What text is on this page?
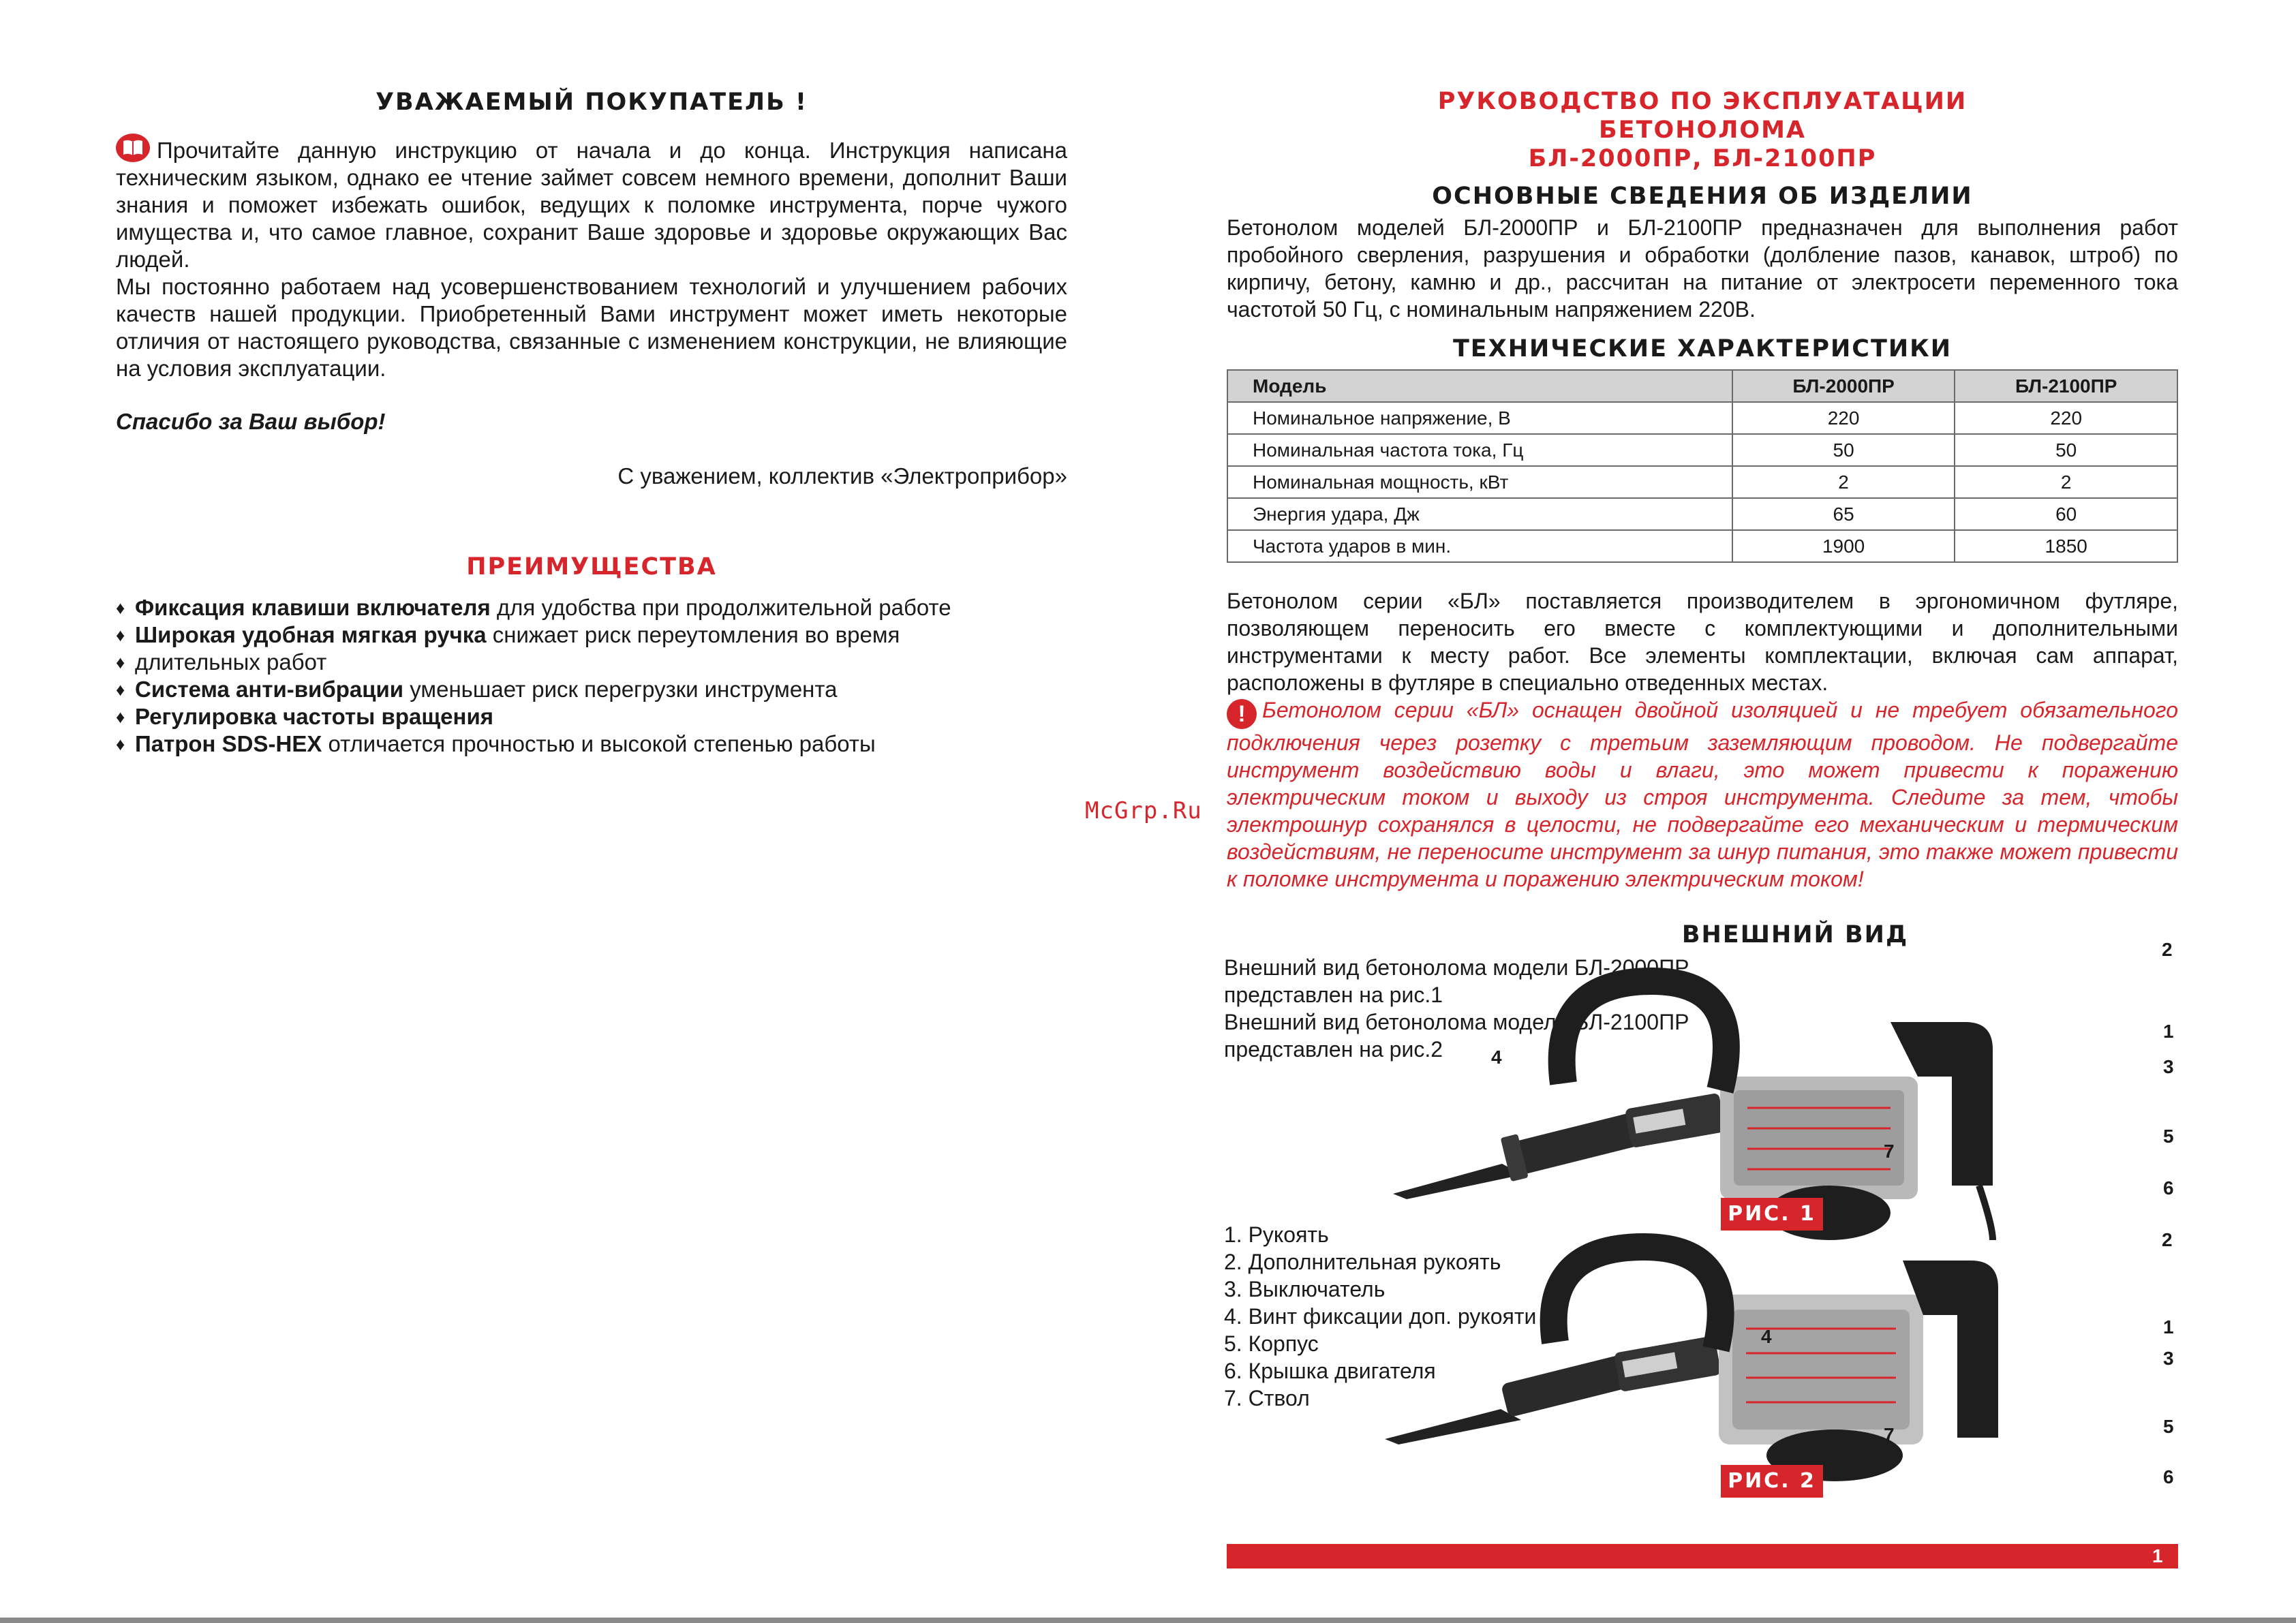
УВАЖАЕМЫЙ ПОКУПАТЕЛЬ !

Прочитайте данную инструкцию от начала и до конца. Инструкция написана техническим языком, однако ее чтение займет совсем немного времени, дополнит Ваши знания и поможет избежать ошибок, ведущих к поломке инструмента, порче чужого имущества и, что самое главное, сохранит Ваше здоровье и здоровье окружающих Вас людей.

Мы постоянно работаем над усовершенствованием технологий и улучшением рабочих качеств нашей продукции. Приобретенный Вами инструмент может иметь некоторые отличия от настоящего руководства, связанные с изменением конструкции, не влияющие на условия эксплуатации.

Спасибо за Ваш выбор!
С уважением, коллектив «Электроприбор»
ПРЕИМУЩЕСТВА
♦ Фиксация клавиши включателя для удобства при продолжительной работе
♦ Широкая удобная мягкая ручка снижает риск переутомления во время
♦ длительных работ
♦ Система анти-вибрации уменьшает риск перегрузки инструмента
♦ Регулировка частоты вращения
♦ Патрон SDS-HEX отличается прочностью и высокой степенью работы
РУКОВОДСТВО ПО ЭКСПЛУАТАЦИИ
БЕТОНОЛОМА
БЛ-2000ПР, БЛ-2100ПР
ОСНОВНЫЕ СВЕДЕНИЯ ОБ ИЗДЕЛИИ
Бетонолом моделей БЛ-2000ПР и БЛ-2100ПР предназначен для выполнения работ пробойного сверления, разрушения и обработки (долбление пазов, канавок, штроб) по кирпичу, бетону, камню и др., рассчитан на питание от электросети переменного тока частотой 50 Гц, с номинальным напряжением 220В.
ТЕХНИЧЕСКИЕ ХАРАКТЕРИСТИКИ
Модель	БЛ-2000ПР	БЛ-2100ПР
Номинальное напряжение, В	220	220
Номинальная частота тока, Гц	50	50
Номинальная мощность, кВт	2	2
Энергия удара, Дж	65	60
Частота ударов в мин.	1900	1850
Бетонолом серии «БЛ» поставляется производителем в эргономичном футляре, позволяющем переносить его вместе с комплектующими и дополнительными инструментами к месту работ. Все элементы комплектации, включая сам аппарат, расположены в футляре в специально отведенных местах.
! Бетонолом серии «БЛ» оснащен двойной изоляцией и не требует обязательного подключения через розетку с третьим заземляющим проводом. Не подвергайте инструмент воздействию воды и влаги, это может привести к поражению электрическим током и выходу из строя инструмента. Следите за тем, чтобы электрошнур сохранялся в целости, не подвергайте его механическим и термическим воздействиям, не переносите инструмент за шнур питания, это также может привести к поломке инструмента и поражению электрическим током!
ВНЕШНИЙ ВИД
Внешний вид бетонолома модели БЛ-2000ПР
представлен на рис.1
Внешний вид бетонолома модели БЛ-2100ПР
представлен на рис.2
1. Рукоять
2. Дополнительная рукоять
3. Выключатель
4. Винт фиксации доп. рукояти
5. Корпус
6. Крышка двигателя
7. Ствол
РИС. 1
РИС. 2
2
1
3
4
5
6
7
2
1
3
4
5
6
7
1
McGrp.Ru
